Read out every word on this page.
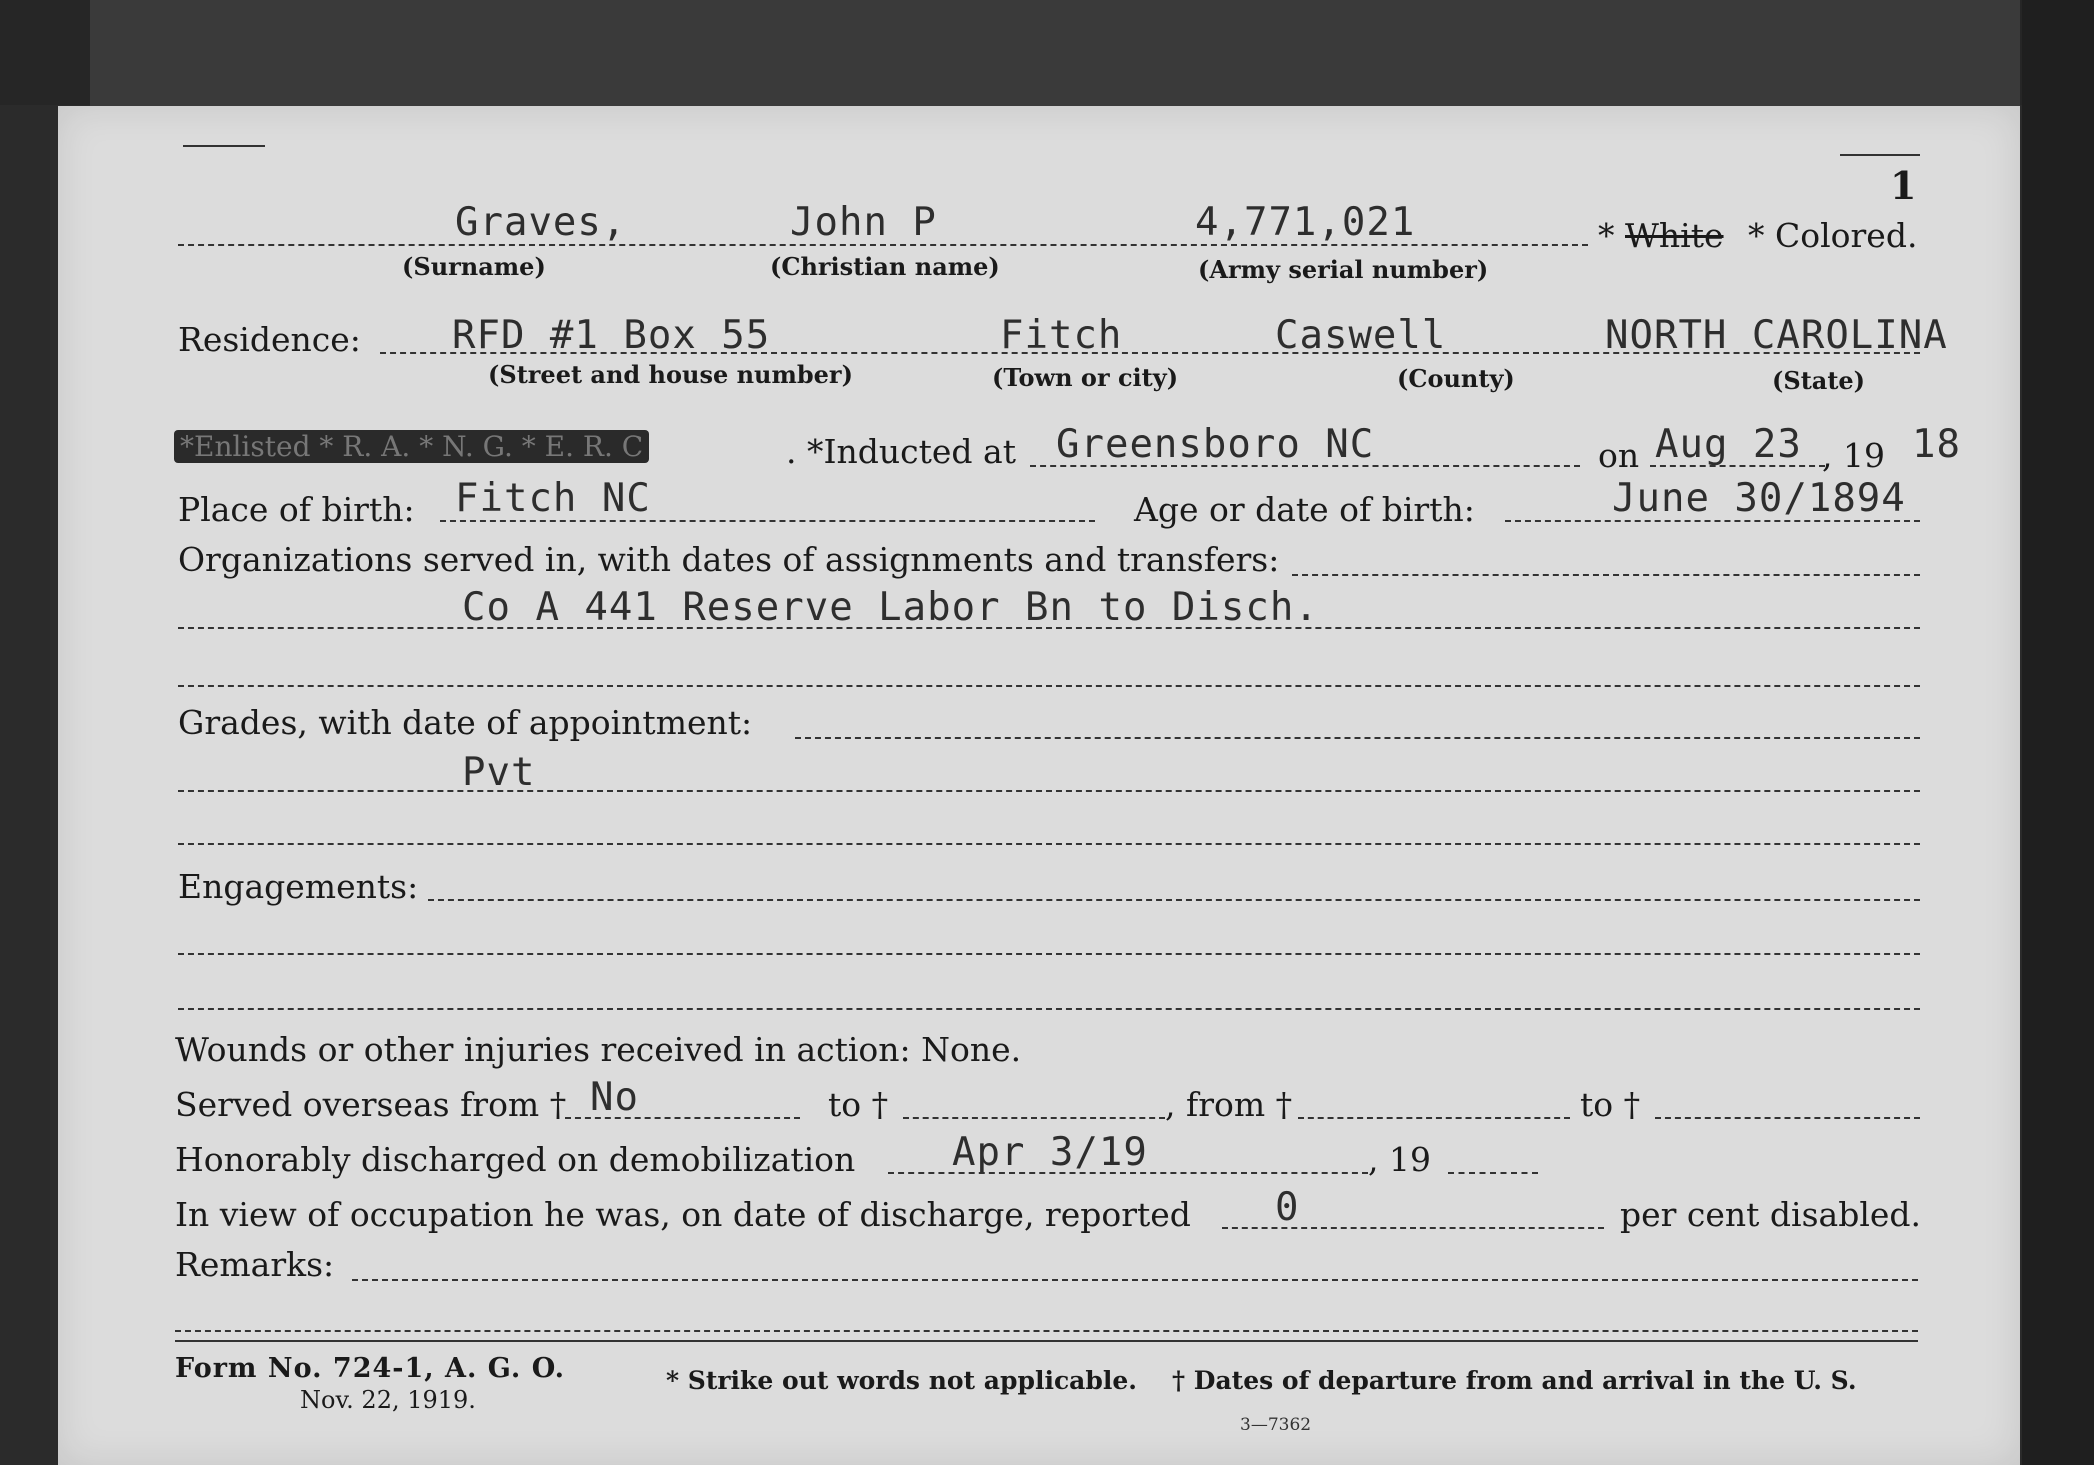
1
Graves,	John P	4,771,021	* White * Colored.
(Surname)	(Christian name)	(Army serial number)
Residence: RFD #1 Box 55	Fitch	Caswell	NORTH CAROLINA
(Street and house number)	(Town or city)	(County)	(State)
*Enlisted * R. A. * N. G. * E. R. C	. *Inducted at Greensboro NC	on Aug 23 , 19 18
Place of birth: Fitch NC	Age or date of birth:	June 30/1894
Organizations served in, with dates of assignments and transfers:
Co A 441 Reserve Labor Bn to Disch.
Grades, with date of appointment:
Pvt
Engagements:
Wounds or other injuries received in action: None.
Served overseas from † No	to †	, from †	to †
Honorably discharged on demobilization Apr 3/19	, 19
In view of occupation he was, on date of discharge, reported 0	per cent disabled.
Remarks:
Form No. 724-1, A. G. O.
Nov. 22, 1919.
* Strike out words not applicable. † Dates of departure from and arrival in the U. S.
3—7362
